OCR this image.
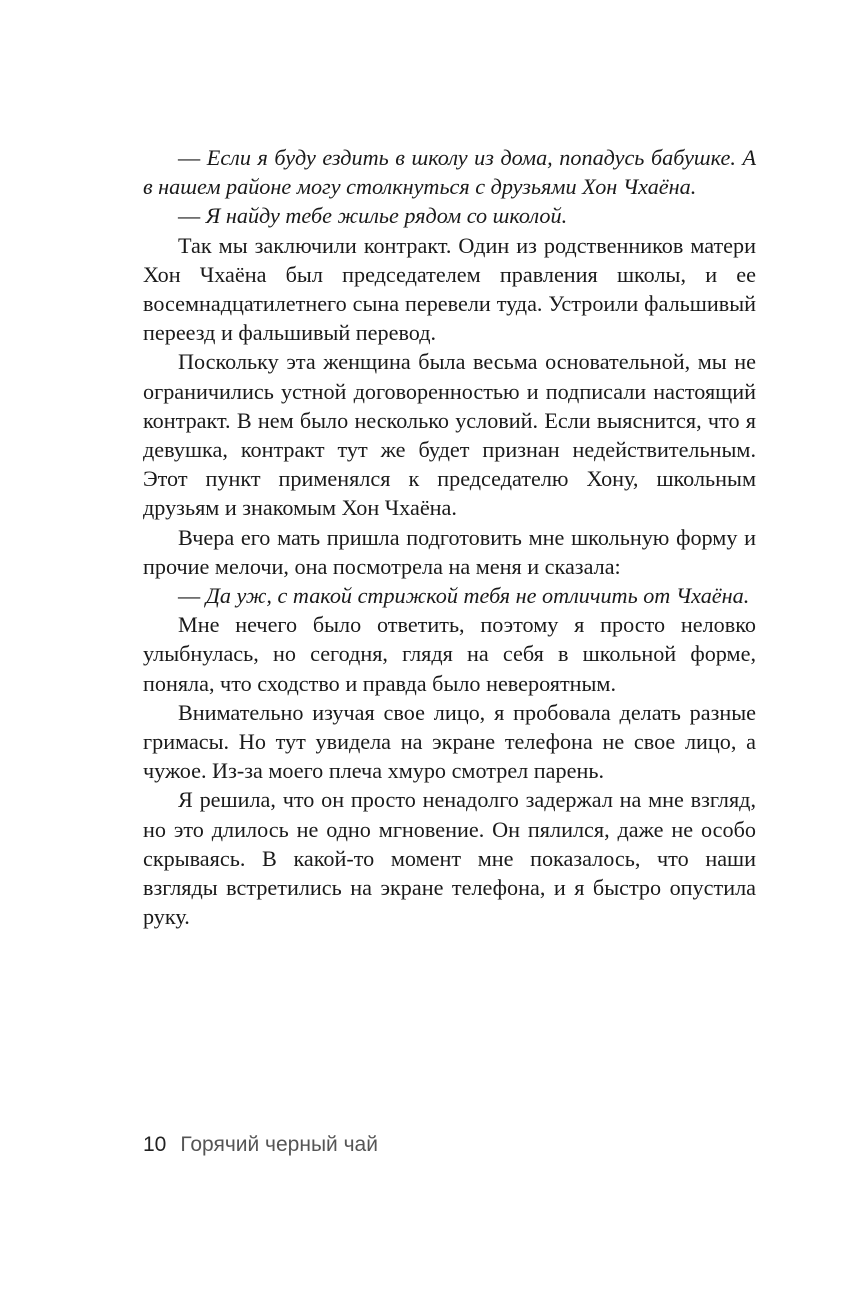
— Если я буду ездить в школу из дома, попадусь бабушке. А в нашем районе могу столкнуться с друзьями Хон Чхаёна.

— Я найду тебе жилье рядом со школой.

Так мы заключили контракт. Один из родственников матери Хон Чхаёна был председателем правления школы, и ее восемнадцатилетнего сына перевели туда. Устроили фальшивый переезд и фальшивый перевод.

Поскольку эта женщина была весьма основательной, мы не ограничились устной договоренностью и подписали настоящий контракт. В нем было несколько условий. Если выяснится, что я девушка, контракт тут же будет признан недействительным. Этот пункт применялся к председателю Хону, школьным друзьям и знакомым Хон Чхаёна.

Вчера его мать пришла подготовить мне школьную форму и прочие мелочи, она посмотрела на меня и сказала:

— Да уж, с такой стрижкой тебя не отличить от Чхаёна.

Мне нечего было ответить, поэтому я просто неловко улыбнулась, но сегодня, глядя на себя в школьной форме, поняла, что сходство и правда было невероятным.

Внимательно изучая свое лицо, я пробовала делать разные гримасы. Но тут увидела на экране телефона не свое лицо, а чужое. Из-за моего плеча хмуро смотрел парень.

Я решила, что он просто ненадолго задержал на мне взгляд, но это длилось не одно мгновение. Он пялился, даже не особо скрываясь. В какой-то момент мне показалось, что наши взгляды встретились на экране телефона, и я быстро опустила руку.

10 Горячий черный чай
